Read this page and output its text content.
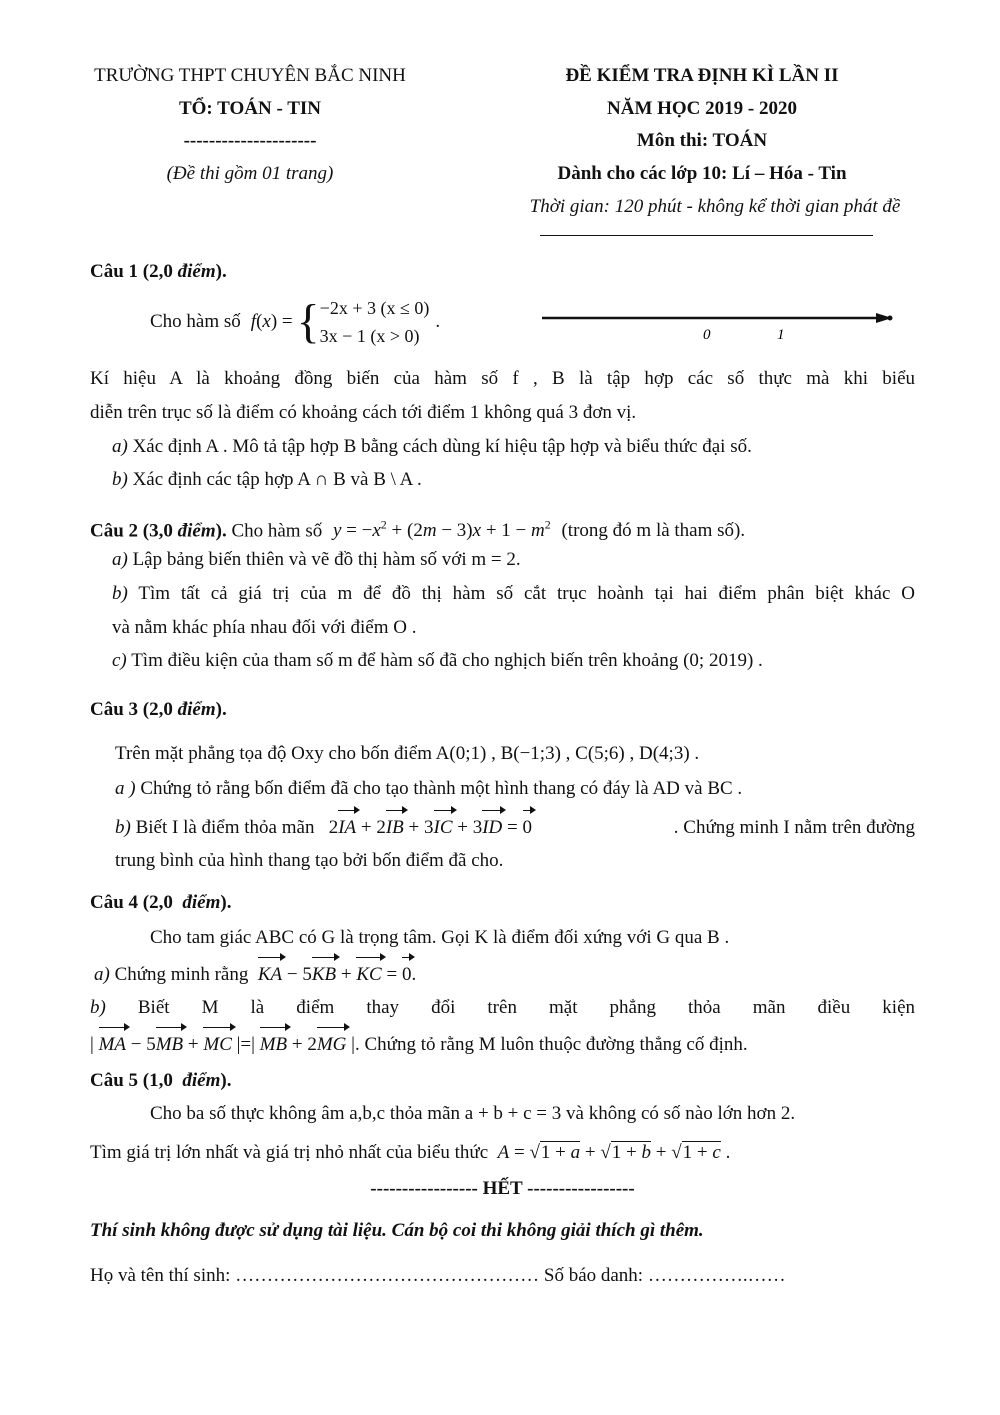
TRƯỜNG THPT CHUYÊN BẮC NINH
TỔ: TOÁN - TIN
---------------------
(Đề thi gồm 01 trang)
ĐỀ KIỂM TRA ĐỊNH KÌ LẦN II
NĂM HỌC 2019 - 2020
Môn thi: TOÁN
Dành cho các lớp 10: Lí – Hóa - Tin
Thời gian: 120 phút - không kể thời gian phát đề
Câu 1 (2,0 điểm).
Cho hàm số f ( x ) = { −2x + 3 (x ≤ 0)
3x − 1 (x > 0)
.
0	1
Kí hiệu A là khoảng đồng biến của hàm số f , B là tập hợp các số thực mà khi biểu
diễn trên trục số là điểm có khoảng cách tới điểm 1 không quá 3 đơn vị.
a) Xác định A . Mô tả tập hợp B bằng cách dùng kí hiệu tập hợp và biểu thức đại số.
b) Xác định các tập hợp A ∩ B và B \ A .
Câu 2 (3,0 điểm). Cho hàm số $y = -x^2 + (2m - 3)x + 1 - m^2$ (trong đó m là tham số).
a) Lập bảng biến thiên và vẽ đồ thị hàm số với m = 2.
b) Tìm tất cả giá trị của m để đồ thị hàm số cắt trục hoành tại hai điểm phân biệt khác O
và nằm khác phía nhau đối với điểm O .
c) Tìm điều kiện của tham số m để hàm số đã cho nghịch biến trên khoảng (0; 2019) .
Câu 3 (2,0 điểm).
Trên mặt phẳng tọa độ Oxy cho bốn điểm A(0;1) , B(−1;3) , C(5;6) , D(4;3) .
a ) Chứng tỏ rằng bốn điểm đã cho tạo thành một hình thang có đáy là AD và BC .
b) Biết I là điểm thỏa mãn   2IA + 2IB + 3IC + 3ID = 0	. Chứng minh I nằm trên đường
trung bình của hình thang tạo bởi bốn điểm đã cho.
Câu 4 (2,0  điểm).
Cho tam giác ABC có G là trọng tâm. Gọi K là điểm đối xứng với G qua B .
a) Chứng minh rằng KA − 5KB + KC = 0.
b) Biết M là điểm thay đổi trên mặt phẳng thỏa mãn điều kiện
| MA − 5MB + MC |=| MB + 2MG |. Chứng tỏ rằng M luôn thuộc đường thẳng cố định.
Câu 5 (1,0  điểm).
Cho ba số thực không âm a,b,c thỏa mãn a + b + c = 3 và không có số nào lớn hơn 2.
Tìm giá trị lớn nhất và giá trị nhỏ nhất của biểu thức A = √1 + a + √1 + b + √1 + c .
----------------- HẾT -----------------
Thí sinh không được sử dụng tài liệu. Cán bộ coi thi không giải thích gì thêm.
Họ và tên thí sinh: ………………………………………… Số báo danh: …………….……
